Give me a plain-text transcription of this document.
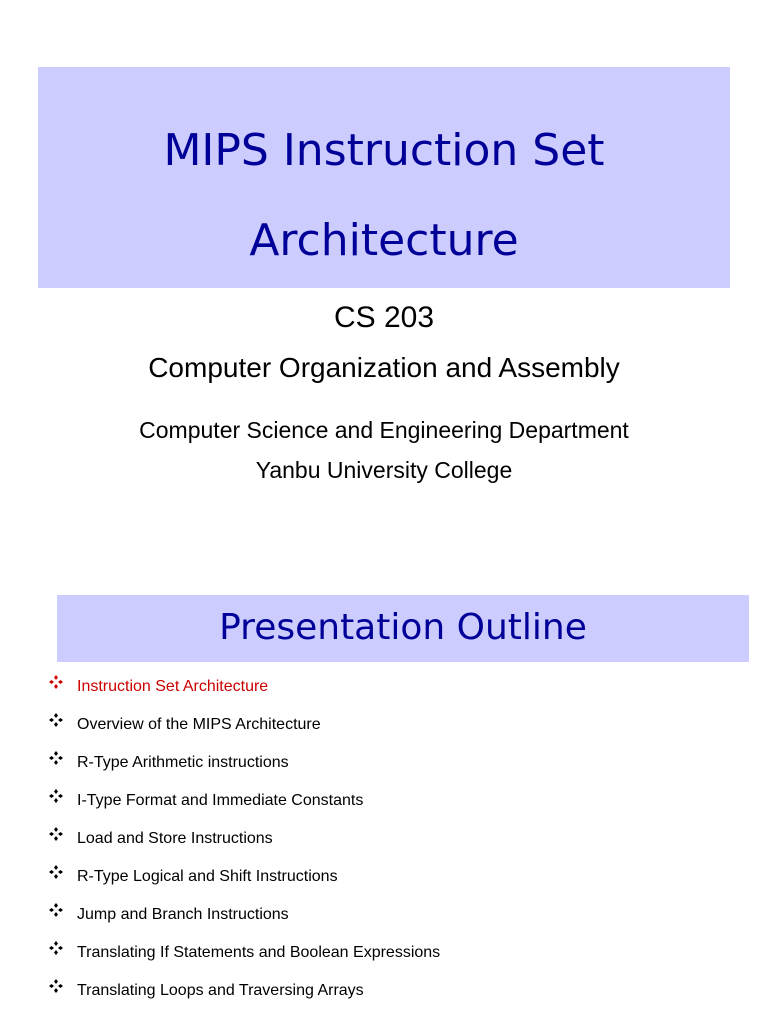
MIPS Instruction Set
Architecture
CS 203
Computer Organization and Assembly
Computer Science and Engineering Department
Yanbu University College
Presentation Outline
Instruction Set Architecture
Overview of the MIPS Architecture
R-Type Arithmetic instructions
I-Type Format and Immediate Constants
Load and Store Instructions
R-Type Logical and Shift Instructions
Jump and Branch Instructions
Translating If Statements and Boolean Expressions
Translating Loops and Traversing Arrays
